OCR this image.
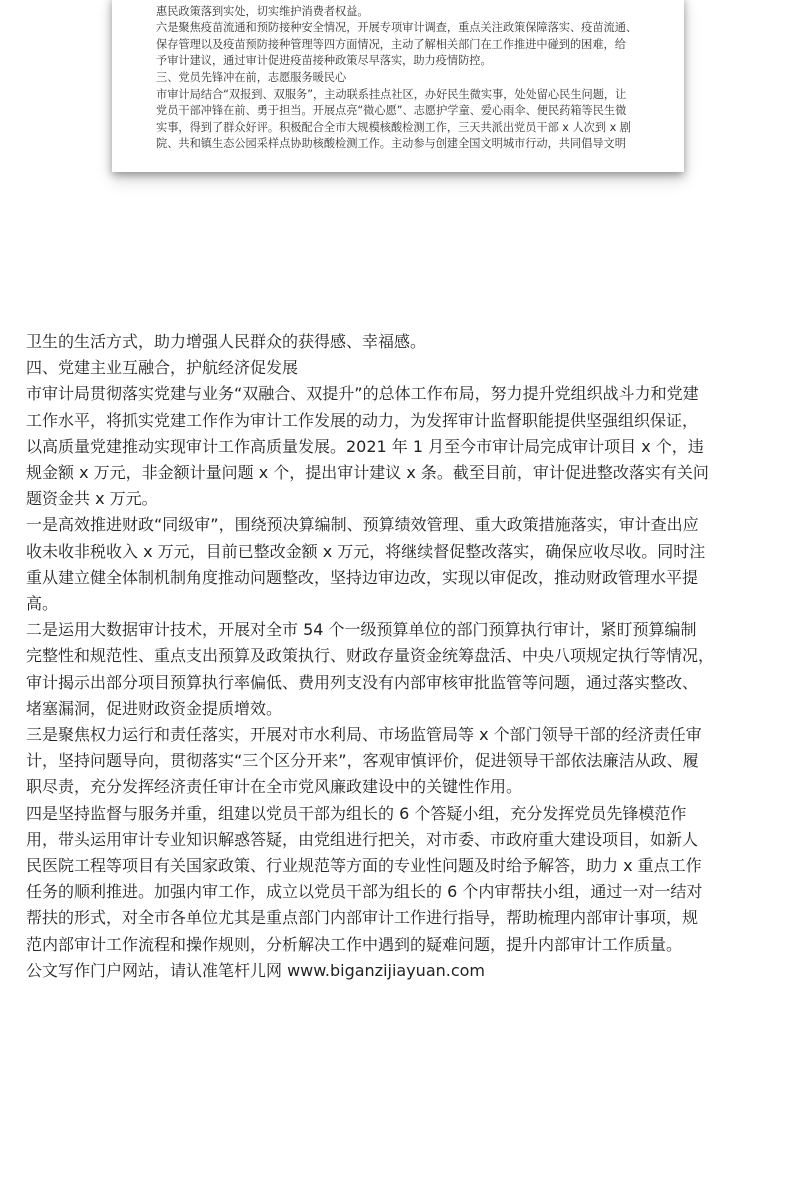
惠民政策落到实处，切实维护消费者权益。

六是聚焦疫苗流通和预防接种安全情况，开展专项审计调查，重点关注政策保障落实、疫苗流通、

保存管理以及疫苗预防接种管理等四方面情况，主动了解相关部门在工作推进中碰到的困难，给

予审计建议，通过审计促进疫苗接种政策尽早落实，助力疫情防控。

三、党员先锋冲在前，志愿服务暖民心

市审计局结合“双报到、双服务”，主动联系挂点社区，办好民生微实事，处处留心民生问题，让

党员干部冲锋在前、勇于担当。开展点亮“微心愿”、志愿护学童、爱心雨伞、便民药箱等民生微

实事，得到了群众好评。积极配合全市大规模核酸检测工作，三天共派出党员干部 x 人次到 x 剧

院、共和镇生态公园采样点协助核酸检测工作。主动参与创建全国文明城市行动，共同倡导文明

卫生的生活方式，助力增强人民群众的获得感、幸福感。

四、党建主业互融合，护航经济促发展

市审计局贯彻落实党建与业务“双融合、双提升”的总体工作布局，努力提升党组织战斗力和党建

工作水平，将抓实党建工作作为审计工作发展的动力，为发挥审计监督职能提供坚强组织保证，

以高质量党建推动实现审计工作高质量发展。2021 年 1 月至今市审计局完成审计项目 x 个，违

规金额 x 万元，非金额计量问题 x 个，提出审计建议 x 条。截至目前，审计促进整改落实有关问

题资金共 x 万元。

一是高效推进财政“同级审”，围绕预决算编制、预算绩效管理、重大政策措施落实，审计查出应

收未收非税收入 x 万元，目前已整改金额 x 万元，将继续督促整改落实，确保应收尽收。同时注

重从建立健全体制机制角度推动问题整改，坚持边审边改，实现以审促改，推动财政管理水平提

高。

二是运用大数据审计技术，开展对全市 54 个一级预算单位的部门预算执行审计，紧盯预算编制

完整性和规范性、重点支出预算及政策执行、财政存量资金统筹盘活、中央八项规定执行等情况，

审计揭示出部分项目预算执行率偏低、费用列支没有内部审核审批监管等问题，通过落实整改、

堵塞漏洞，促进财政资金提质增效。

三是聚焦权力运行和责任落实，开展对市水利局、市场监管局等 x 个部门领导干部的经济责任审

计，坚持问题导向，贯彻落实“三个区分开来”，客观审慎评价，促进领导干部依法廉洁从政、履

职尽责，充分发挥经济责任审计在全市党风廉政建设中的关键性作用。

四是坚持监督与服务并重，组建以党员干部为组长的 6 个答疑小组，充分发挥党员先锋模范作

用，带头运用审计专业知识解惑答疑，由党组进行把关，对市委、市政府重大建设项目，如新人

民医院工程等项目有关国家政策、行业规范等方面的专业性问题及时给予解答，助力 x 重点工作

任务的顺利推进。加强内审工作，成立以党员干部为组长的 6 个内审帮扶小组，通过一对一结对

帮扶的形式，对全市各单位尤其是重点部门内部审计工作进行指导，帮助梳理内部审计事项，规

范内部审计工作流程和操作规则，分析解决工作中遇到的疑难问题，提升内部审计工作质量。

公文写作门户网站，请认准笔杆儿网 www.biganzijiayuan.com
